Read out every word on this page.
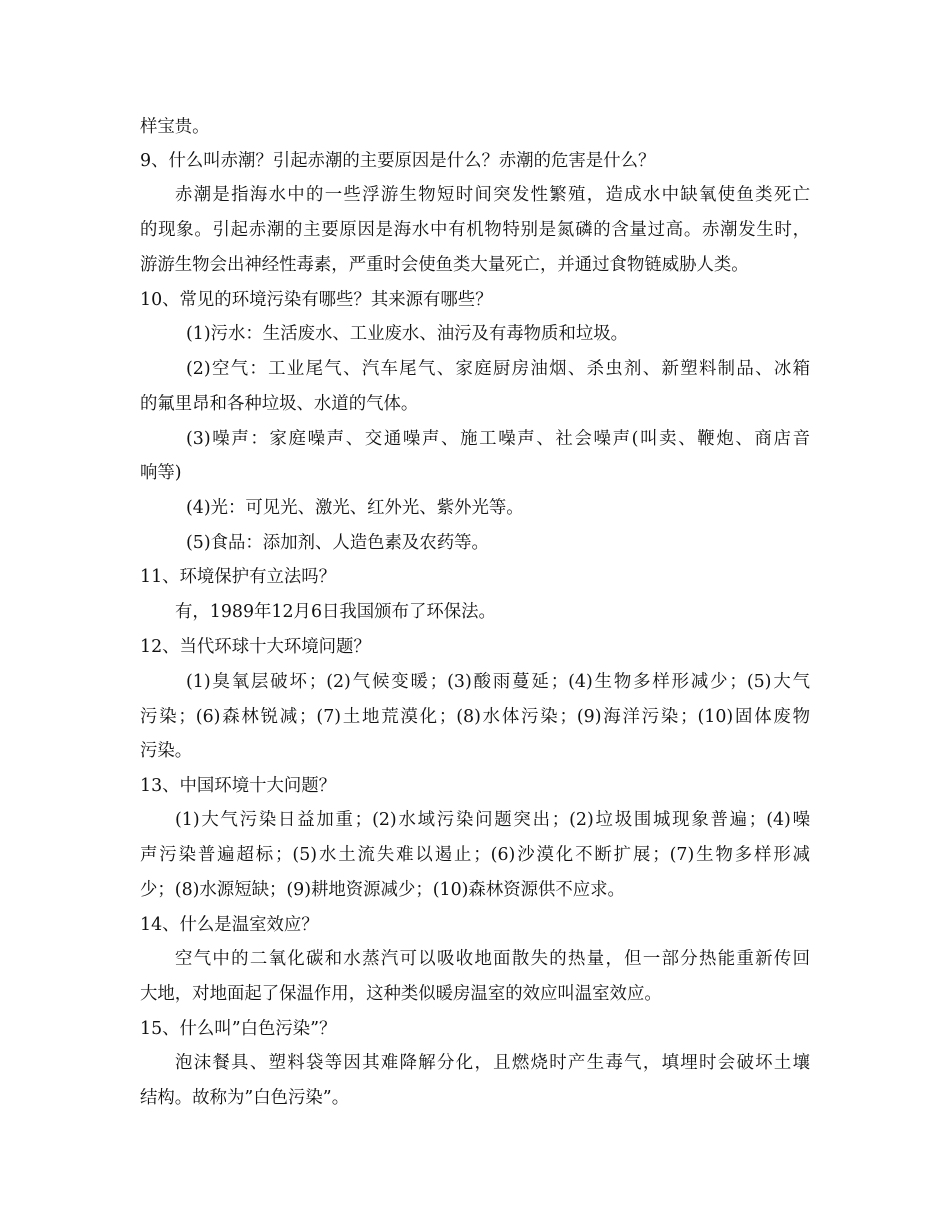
样宝贵。
9、什么叫赤潮？引起赤潮的主要原因是什么？赤潮的危害是什么？
赤潮是指海水中的一些浮游生物短时间突发性繁殖，造成水中缺氧使鱼类死亡
的现象。引起赤潮的主要原因是海水中有机物特别是氮磷的含量过高。赤潮发生时，
游游生物会出神经性毒素，严重时会使鱼类大量死亡，并通过食物链威胁人类。
10、常见的环境污染有哪些？其来源有哪些？
(1)污水：生活废水、工业废水、油污及有毒物质和垃圾。
(2)空气：工业尾气、汽车尾气、家庭厨房油烟、杀虫剂、新塑料制品、冰箱
的氟里昂和各种垃圾、水道的气体。
(3)噪声：家庭噪声、交通噪声、施工噪声、社会噪声(叫卖、鞭炮、商店音
响等)
(4)光：可见光、激光、红外光、紫外光等。
(5)食品：添加剂、人造色素及农药等。
11、环境保护有立法吗？
有，1989年12月6日我国颁布了环保法。
12、当代环球十大环境问题？
(1)臭氧层破坏；(2)气候变暖；(3)酸雨蔓延；(4)生物多样形减少；(5)大气
污染；(6)森林锐减；(7)土地荒漠化；(8)水体污染；(9)海洋污染；(10)固体废物
污染。
13、中国环境十大问题？
(1)大气污染日益加重；(2)水域污染问题突出；(2)垃圾围城现象普遍；(4)噪
声污染普遍超标；(5)水土流失难以遏止；(6)沙漠化不断扩展；(7)生物多样形减
少；(8)水源短缺；(9)耕地资源减少；(10)森林资源供不应求。
14、什么是温室效应？
空气中的二氧化碳和水蒸汽可以吸收地面散失的热量，但一部分热能重新传回
大地，对地面起了保温作用，这种类似暖房温室的效应叫温室效应。
15、什么叫”白色污染”？
泡沫餐具、塑料袋等因其难降解分化，且燃烧时产生毒气，填埋时会破坏土壤
结构。故称为”白色污染”。
